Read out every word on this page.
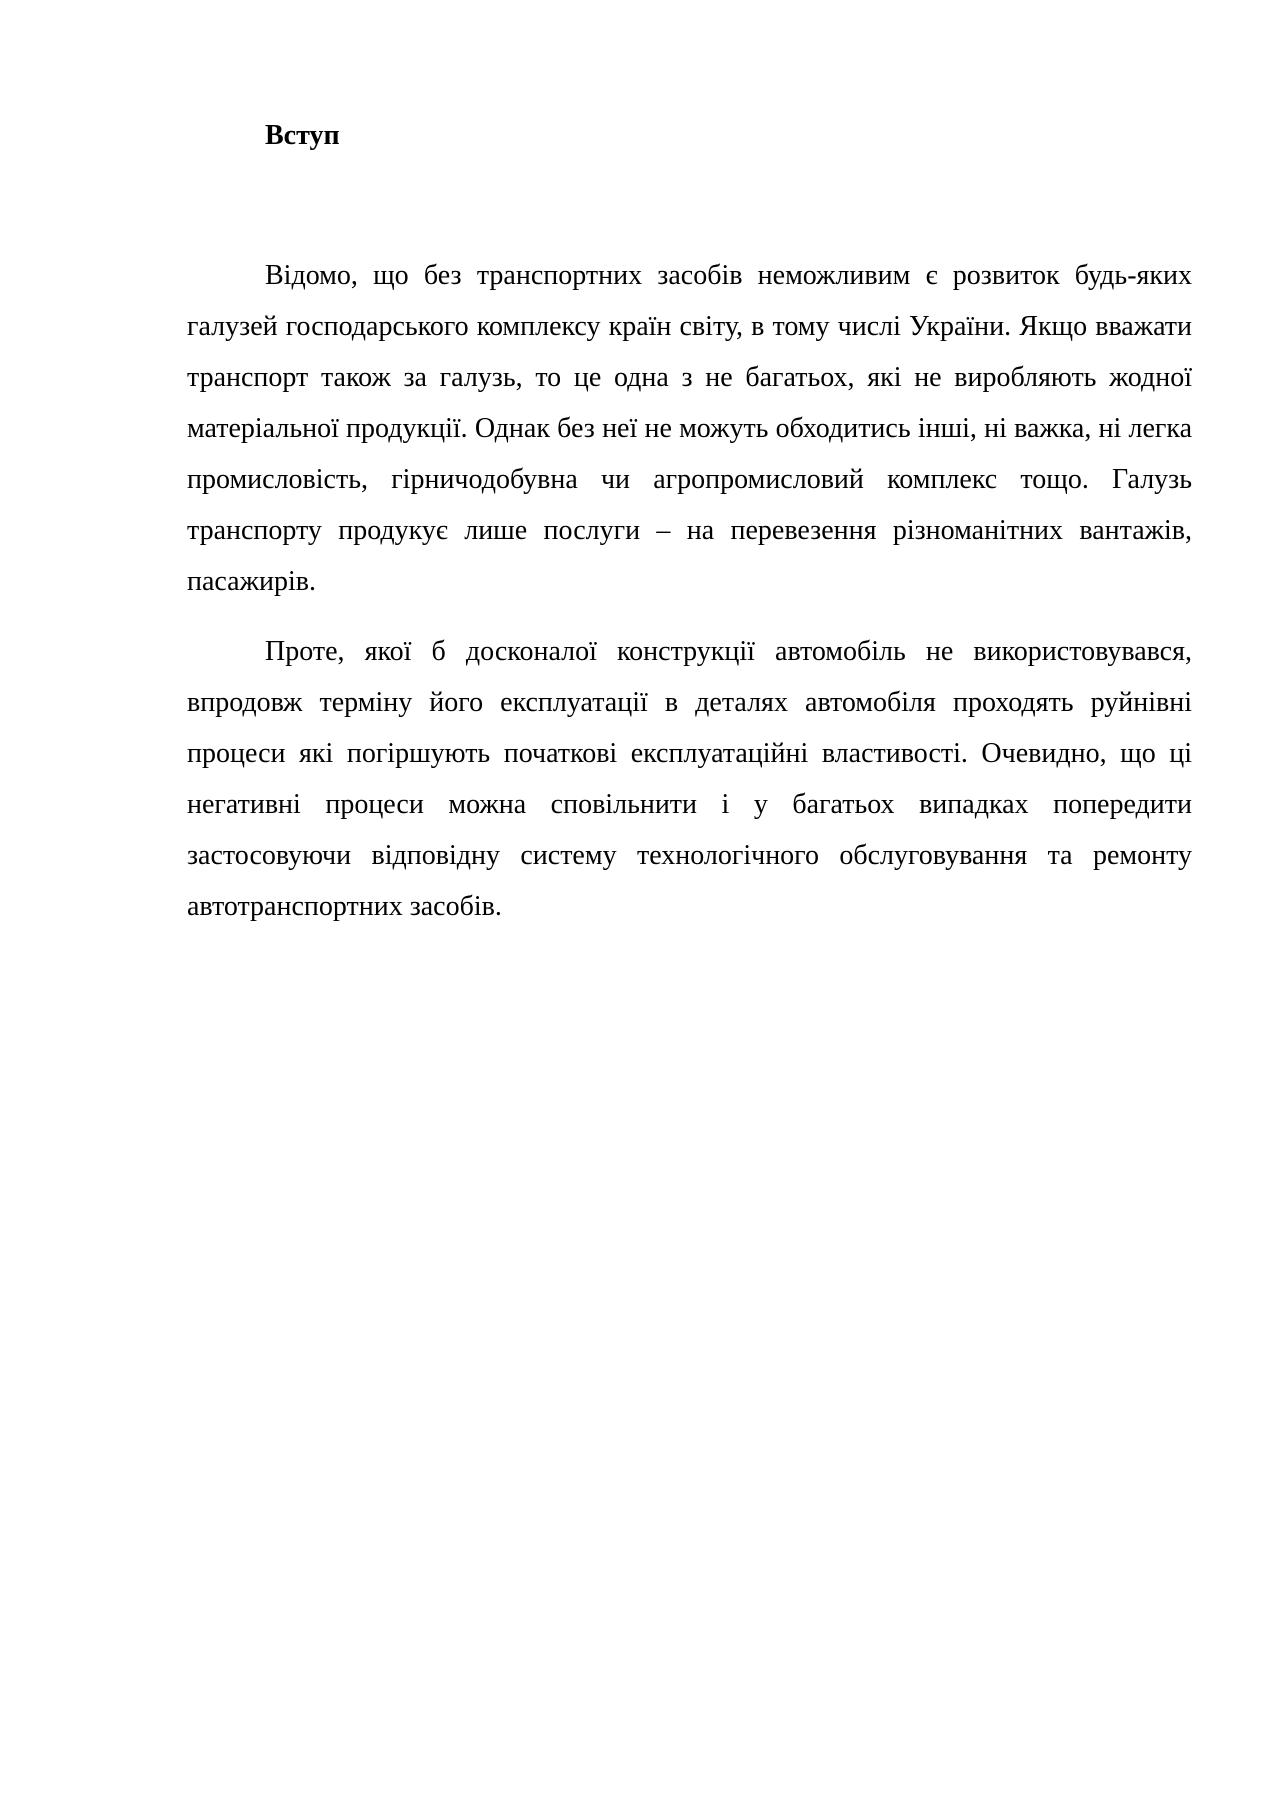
Вступ

Відомо, що без транспортних засобів неможливим є розвиток будь-яких галузей господарського комплексу країн світу, в тому числі України. Якщо вважати транспорт також за галузь, то це одна з не багатьох, які не виробляють жодної матеріальної продукції. Однак без неї не можуть обходитись інші, ні важка, ні легка промисловість, гірничодобувна чи агропромисловий комплекс тощо. Галузь транспорту продукує лише послуги – на перевезення різноманітних вантажів, пасажирів.

Проте, якої б досконалої конструкції автомобіль не використовувався, впродовж терміну його експлуатації в деталях автомобіля проходять руйнівні процеси які погіршують початкові експлуатаційні властивості. Очевидно, що ці негативні процеси можна сповільнити і у багатьох випадках попередити застосовуючи відповідну систему технологічного обслуговування та ремонту автотранспортних засобів.
